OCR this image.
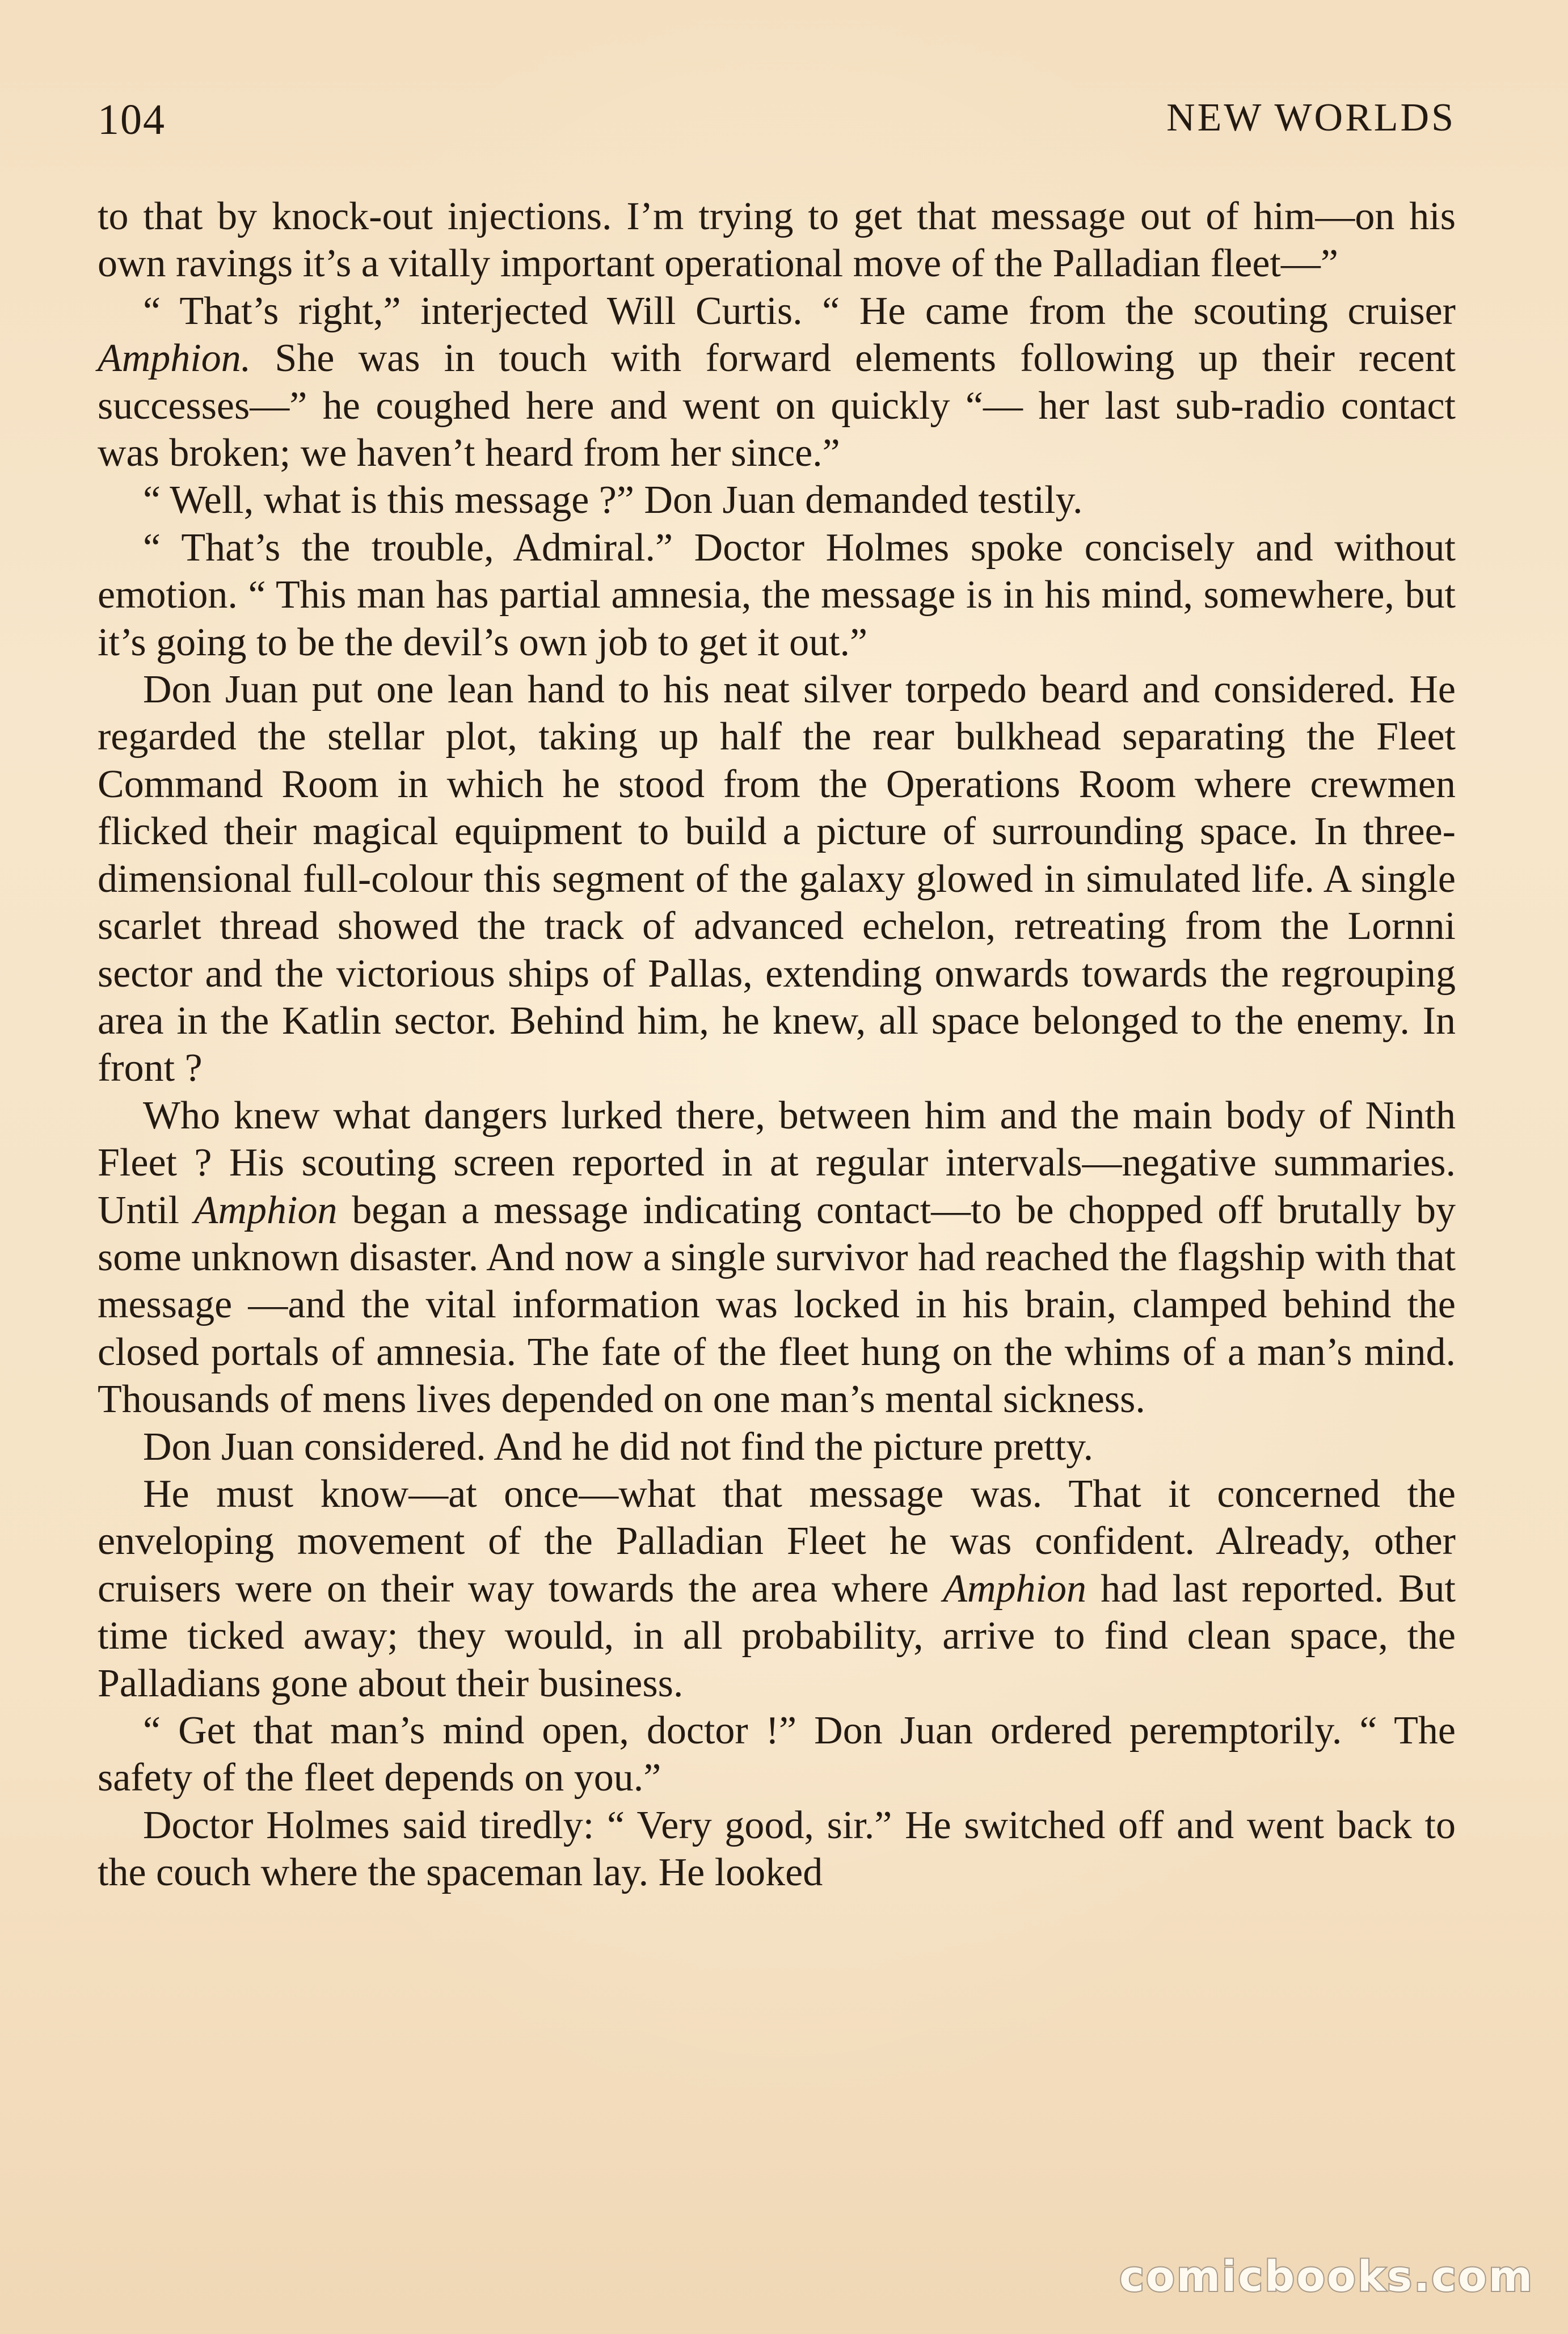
104	NEW WORLDS

to that by knock-out injections. I’m trying to get that message out of him—on his own ravings it’s a vitally important operational move of the Palladian fleet—”

“ That’s right,” interjected Will Curtis. “ He came from the scouting cruiser Amphion. She was in touch with forward elements following up their recent successes—” he coughed here and went on quickly “— her last sub-radio contact was broken; we haven’t heard from her since.”

“ Well, what is this message ?” Don Juan demanded testily.

“ That’s the trouble, Admiral.” Doctor Holmes spoke concisely and without emotion. “ This man has partial amnesia, the message is in his mind, somewhere, but it’s going to be the devil’s own job to get it out.”

Don Juan put one lean hand to his neat silver torpedo beard and considered. He regarded the stellar plot, taking up half the rear bulkhead separating the Fleet Command Room in which he stood from the Operations Room where crewmen flicked their magical equipment to build a picture of surrounding space. In three-dimensional full-colour this segment of the galaxy glowed in simulated life. A single scarlet thread showed the track of advanced echelon, retreating from the Lornni sector and the victorious ships of Pallas, extending onwards towards the regrouping area in the Katlin sector. Behind him, he knew, all space belonged to the enemy. In front ?

Who knew what dangers lurked there, between him and the main body of Ninth Fleet ? His scouting screen reported in at regular intervals—negative summaries. Until Amphion began a message indicating contact—to be chopped off brutally by some unknown disaster. And now a single survivor had reached the flagship with that message —and the vital information was locked in his brain, clamped behind the closed portals of amnesia. The fate of the fleet hung on the whims of a man’s mind. Thousands of mens lives depended on one man’s mental sickness.

Don Juan considered. And he did not find the picture pretty.

He must know—at once—what that message was. That it concerned the enveloping movement of the Palladian Fleet he was confident. Already, other cruisers were on their way towards the area where Amphion had last reported. But time ticked away; they would, in all probability, arrive to find clean space, the Palladians gone about their business.

“ Get that man’s mind open, doctor !” Don Juan ordered peremptorily. “ The safety of the fleet depends on you.”

Doctor Holmes said tiredly: “ Very good, sir.” He switched off and went back to the couch where the spaceman lay. He looked

comicbooks.com
